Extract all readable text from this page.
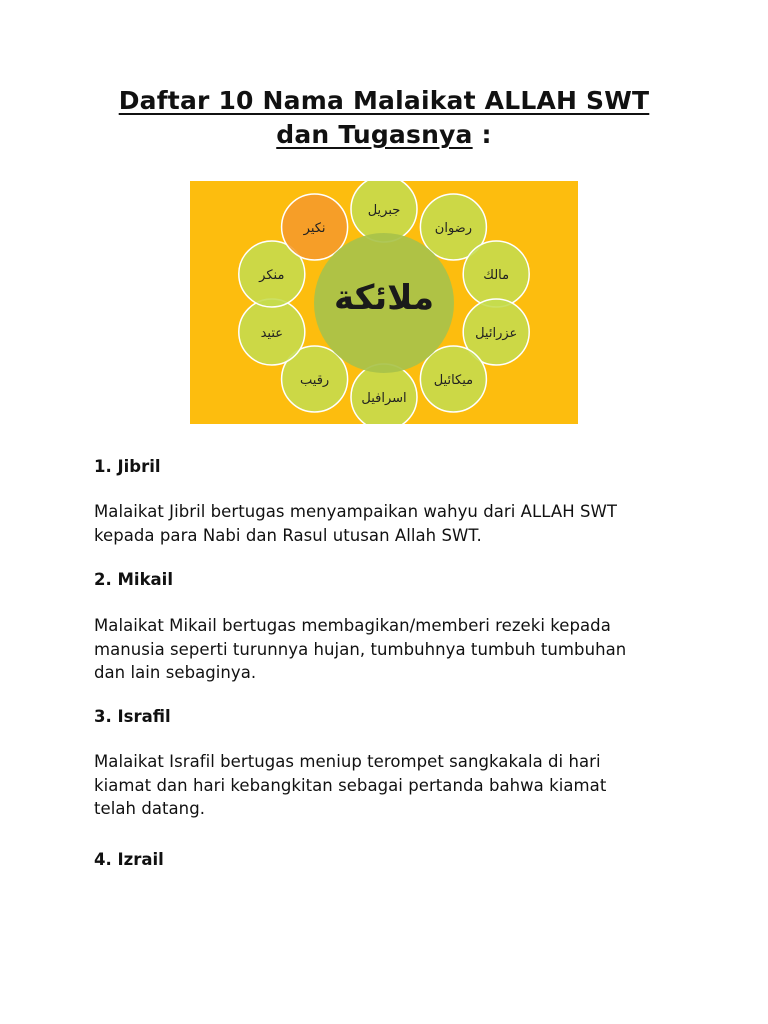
Daftar 10 Nama Malaikat ALLAH SWT
dan Tugasnya :
ملائكة
جبريل
رضوان
مالك
عزرائيل
ميكائيل
اسرافيل
رقيب
عتيد
منكر
نكير
1. Jibril
Malaikat Jibril bertugas menyampaikan wahyu dari ALLAH SWT
kepada para Nabi dan Rasul utusan Allah SWT.
2. Mikail
Malaikat Mikail bertugas membagikan/memberi rezeki kepada
manusia seperti turunnya hujan, tumbuhnya tumbuh tumbuhan
dan lain sebaginya.
3. Israfil
Malaikat Israfil bertugas meniup terompet sangkakala di hari
kiamat dan hari kebangkitan sebagai pertanda bahwa kiamat
telah datang.
4. Izrail
